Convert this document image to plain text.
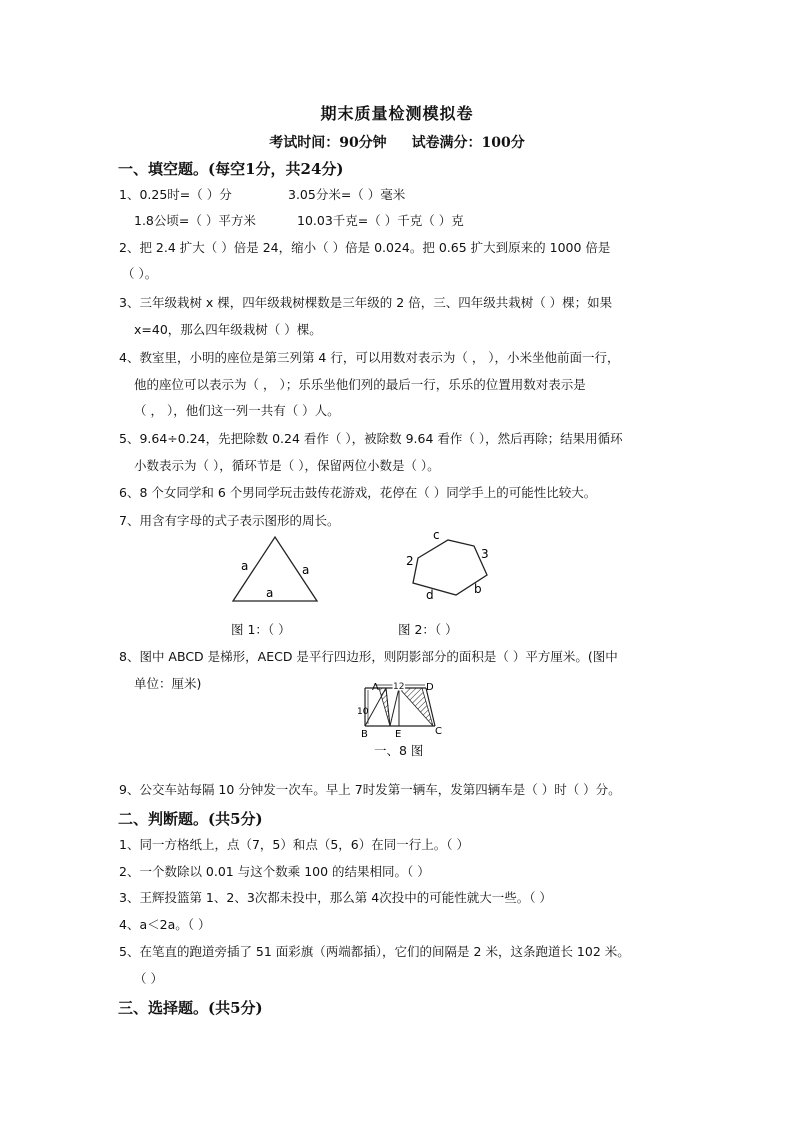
期末质量检测模拟卷
考试时间：90分钟 试卷满分：100分
一、填空题。(每空1分，共24分)
1、0.25时=（ ）分	3.05分米=（ ）毫米
1.8公顷=（ ）平方米	10.03千克=（ ）千克（ ）克
2、把 2.4 扩大（ ）倍是 24，缩小（ ）倍是 0.024。把 0.65 扩大到原来的 1000 倍是
（ ）。
3、三年级栽树 x 棵，四年级栽树棵数是三年级的 2 倍，三、四年级共栽树（ ）棵；如果
x=40，那么四年级栽树（ ）棵。
4、教室里，小明的座位是第三列第 4 行，可以用数对表示为（ ， ），小米坐他前面一行，
他的座位可以表示为（ ， ）；乐乐坐他们列的最后一行，乐乐的位置用数对表示是
（ ， ），他们这一列一共有（ ）人。
5、9.64÷0.24，先把除数 0.24 看作（ ），被除数 9.64 看作（ ），然后再除；结果用循环
小数表示为（ ），循环节是（ ），保留两位小数是（ ）。
6、8 个女同学和 6 个男同学玩击鼓传花游戏，花停在（ ）同学手上的可能性比较大。
7、用含有字母的式子表示图形的周长。
a	a
a
c
3
2
d	b
图 1：（ ）	图 2：（ ）
8、图中 ABCD 是梯形，AECD 是平行四边形，则阴影部分的面积是（ ）平方厘米。(图中
单位：厘米)	A	D
12
10
B	E	C
一、8 图
9、公交车站每隔 10 分钟发一次车。早上 7时发第一辆车，发第四辆车是（ ）时（ ）分。
二、判断题。(共5分)
1、同一方格纸上，点（7，5）和点（5，6）在同一行上。（ ）
2、一个数除以 0.01 与这个数乘 100 的结果相同。（ ）
3、王辉投篮第 1、2、3次都未投中，那么第 4次投中的可能性就大一些。（ ）
4、a＜2a。（ ）
5、在笔直的跑道旁插了 51 面彩旗（两端都插），它们的间隔是 2 米，这条跑道长 102 米。
（ ）
三、选择题。(共5分)
